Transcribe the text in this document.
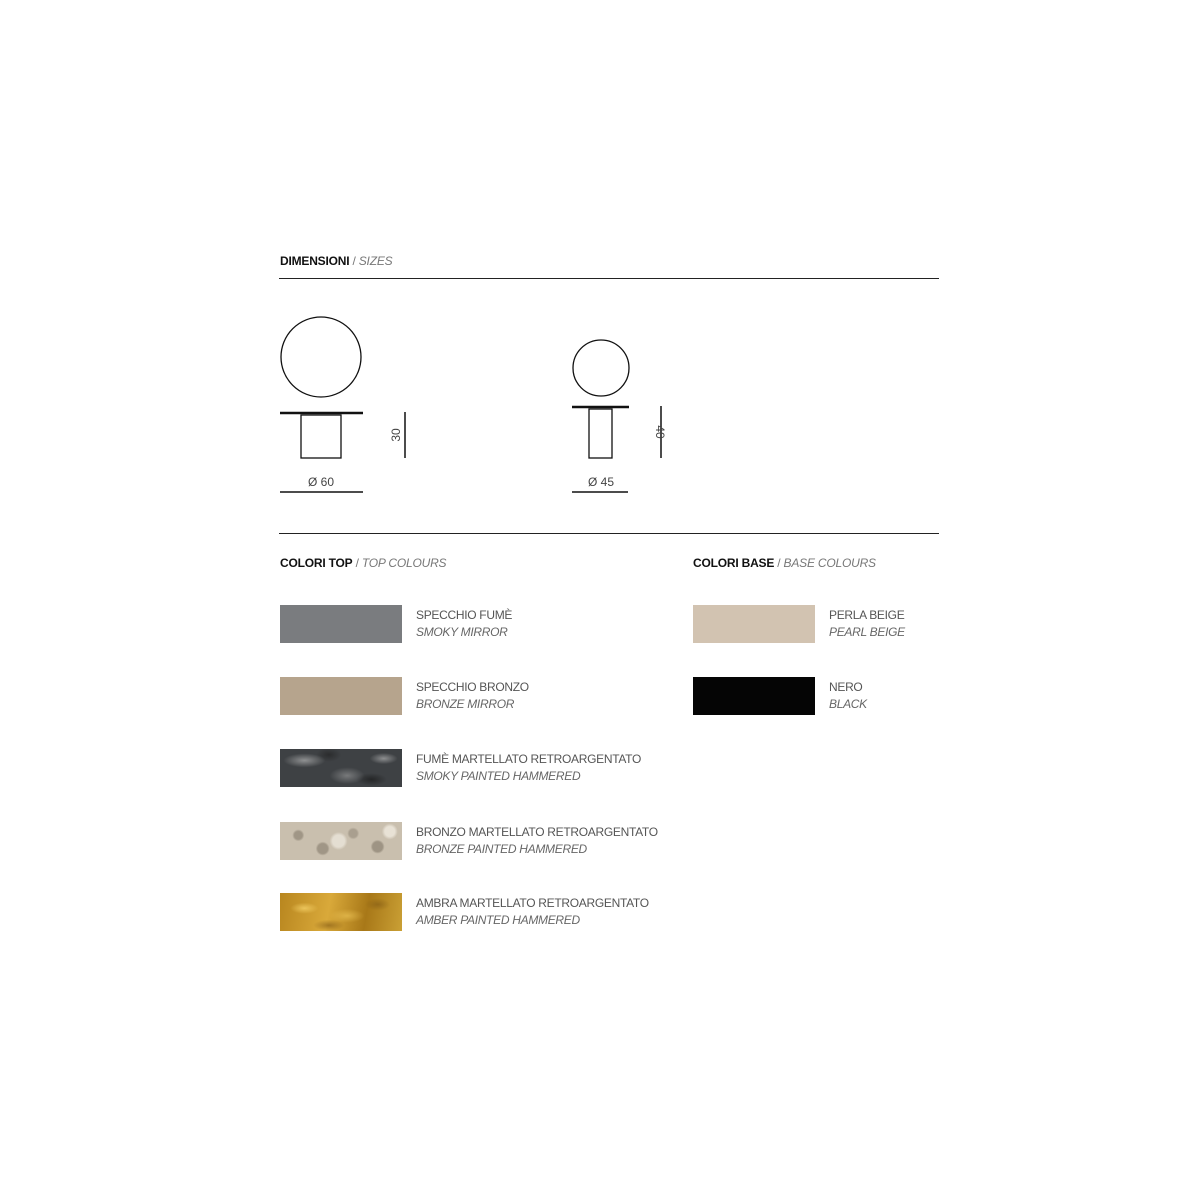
DIMENSIONI / SIZES
Ø 60
30
Ø 45
40
COLORI TOP / TOP COLOURS	COLORI BASE / BASE COLOURS
SPECCHIO FUMÈ
SMOKY MIRROR
SPECCHIO BRONZO
BRONZE MIRROR
FUMÈ MARTELLATO RETROARGENTATO
SMOKY PAINTED HAMMERED
BRONZO MARTELLATO RETROARGENTATO
BRONZE PAINTED HAMMERED
AMBRA MARTELLATO RETROARGENTATO
AMBER PAINTED HAMMERED
PERLA BEIGE
PEARL BEIGE
NERO
BLACK
